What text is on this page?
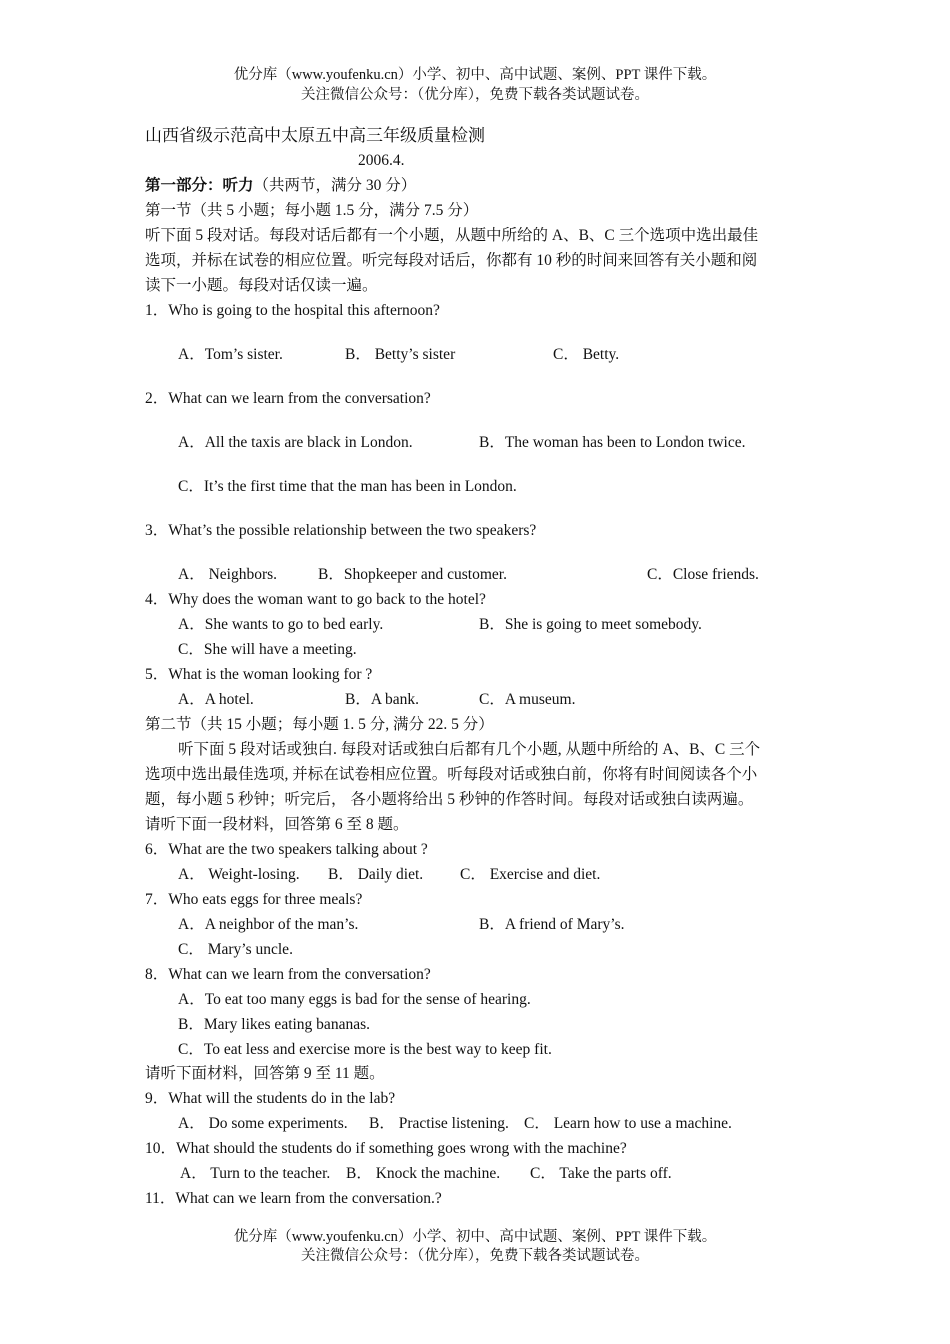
优分库（www.youfenku.cn）小学、初中、高中试题、案例、PPT 课件下载。
关注微信公众号：（优分库），免费下载各类试题试卷。
山西省级示范高中太原五中高三年级质量检测
2006.4.
第一部分：听力（共两节，满分 30 分）
第一节（共 5 小题；每小题 1.5 分，满分 7.5 分）
听下面 5 段对话。每段对话后都有一个小题，从题中所给的 A、B、C 三个选项中选出最佳
选项，并标在试卷的相应位置。听完每段对话后，你都有 10 秒的时间来回答有关小题和阅
读下一小题。每段对话仅读一遍。
1．Who is going to the hospital this afternoon?
A．Tom’s sister.	B． Betty’s sister	C． Betty.
2．What can we learn from the conversation?
A．All the taxis are black in London.	B．The woman has been to London twice.
C．It’s the first time that the man has been in London.
3．What’s the possible relationship between the two speakers?
A． Neighbors.	B．Shopkeeper and customer.	C．Close friends.
4．Why does the woman want to go back to the hotel?
A．She wants to go to bed early.	B．She is going to meet somebody.
C．She will have a meeting.
5．What is the woman looking for ?
A．A hotel.	B．A bank.	C．A museum.
第二节（共 15 小题；每小题 1. 5 分, 满分 22. 5 分）
听下面 5 段对话或独白. 每段对话或独白后都有几个小题, 从题中所给的 A、B、C 三个
选项中选出最佳选项, 并标在试卷相应位置。听每段对话或独白前，你将有时间阅读各个小
题，每小题 5 秒钟；听完后， 各小题将给出 5 秒钟的作答时间。每段对话或独白读两遍。
请听下面一段材料，回答第 6 至 8 题。
6．What are the two speakers talking about ?
A． Weight-losing. B． Daily diet. C． Exercise and diet.
7．Who eats eggs for three meals?
A．A neighbor of the man’s.	B．A friend of Mary’s.
C． Mary’s uncle.
8．What can we learn from the conversation?
A．To eat too many eggs is bad for the sense of hearing.
B．Mary likes eating bananas.
C．To eat less and exercise more is the best way to keep fit.
请听下面材料，回答第 9 至 11 题。
9．What will the students do in the lab?
A． Do some experiments. B． Practise listening. C． Learn how to use a machine.
10．What should the students do if something goes wrong with the machine?
A． Turn to the teacher. B． Knock the machine. C． Take the parts off.
11．What can we learn from the conversation.?
优分库（www.youfenku.cn）小学、初中、高中试题、案例、PPT 课件下载。
关注微信公众号：（优分库），免费下载各类试题试卷。
